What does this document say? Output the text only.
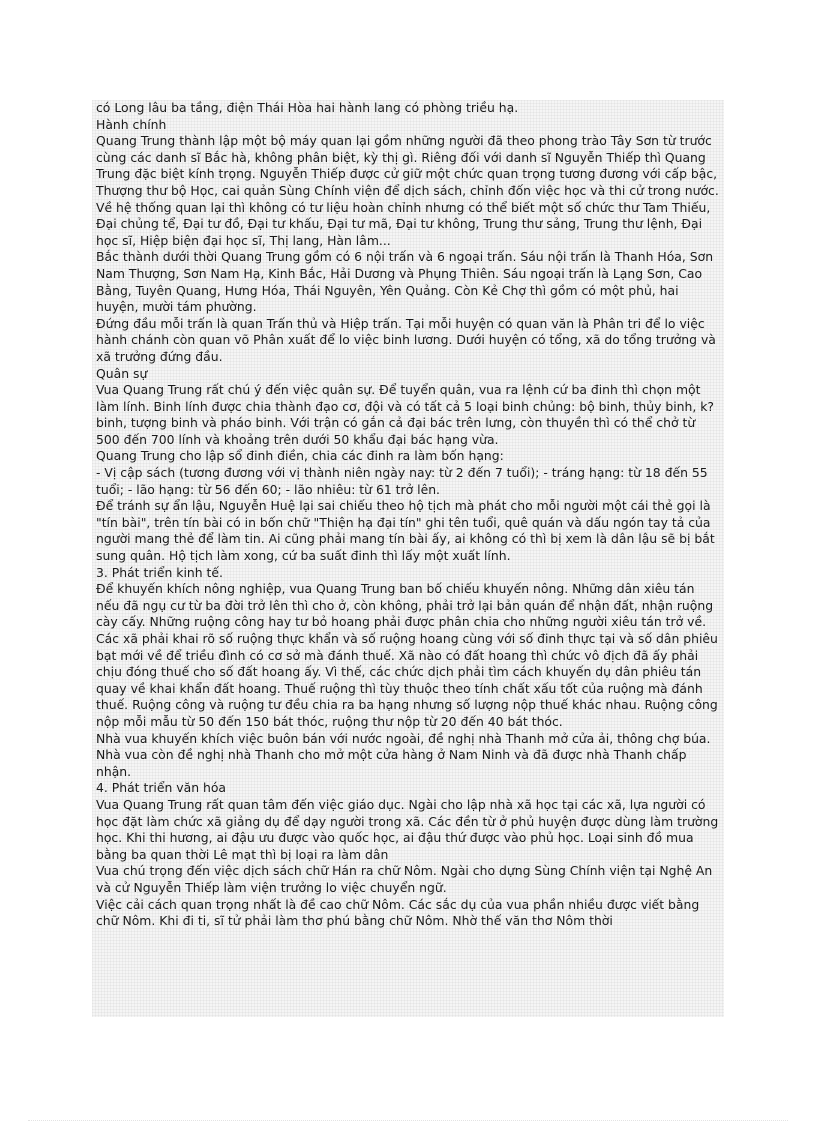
có Long lâu ba tầng, điện Thái Hòa hai hành lang có phòng triều hạ.

Hành chính

Quang Trung thành lập một bộ máy quan lại gồm những người đã theo phong trào Tây Sơn từ trước cùng các danh sĩ Bắc hà, không phân biệt, kỳ thị gì. Riêng đối với danh sĩ Nguyễn Thiếp thì Quang Trung đặc biệt kính trọng. Nguyễn Thiếp được cử giữ một chức quan trọng tương đương với cấp bậc, Thượng thư bộ Học, cai quản Sùng Chính viện để dịch sách, chỉnh đốn việc học và thi cử trong nước.

Về hệ thống quan lại thì không có tư liệu hoàn chỉnh nhưng có thể biết một số chức thư Tam Thiếu, Đại chủng tể, Đại tư đồ, Đại tư khấu, Đại tư mã, Đại tư không, Trung thư sảng, Trung thư lệnh, Đại học sĩ, Hiệp biện đại học sĩ, Thị lang, Hàn lâm...

Bắc thành dưới thời Quang Trung gồm có 6 nội trấn và 6 ngoại trấn. Sáu nội trấn là Thanh Hóa, Sơn Nam Thượng, Sơn Nam Hạ, Kinh Bắc, Hải Dương và Phụng Thiên. Sáu ngoại trấn là Lạng Sơn, Cao Bằng, Tuyên Quang, Hưng Hóa, Thái Nguyên, Yên Quảng. Còn Kẻ Chợ thì gồm có một phủ, hai huyện, mười tám phường.

Đứng đầu mỗi trấn là quan Trấn thủ và Hiệp trấn. Tại mỗi huyện có quan văn là Phân tri để lo việc hành chánh còn quan võ Phân xuất để lo việc binh lương. Dưới huyện có tổng, xã do tổng trưởng và xã trưởng đứng đầu.

Quân sự

Vua Quang Trung rất chú ý đến việc quân sự. Để tuyển quân, vua ra lệnh cứ ba đinh thì chọn một làm lính. Binh lính được chia thành đạo cơ, đội và có tất cả 5 loại binh chủng: bộ binh, thủy binh, k?binh, tượng binh và pháo binh. Với trận có gắn cả đại bác trên lưng, còn thuyền thì có thể chở từ 500 đến 700 lính và khoảng trên dưới 50 khẩu đại bác hạng vừa.

Quang Trung cho lập sổ đinh điền, chia các đinh ra làm bốn hạng:

- Vị cập sách (tương đương với vị thành niên ngày nay: từ 2 đến 7 tuổi); - tráng hạng: từ 18 đến 55 tuổi; - lão hạng: từ 56 đến 60; - lão nhiêu: từ 61 trở lên.

Để tránh sự ẩn lậu, Nguyễn Huệ lại sai chiếu theo hộ tịch mà phát cho mỗi người một cái thẻ gọi là "tín bài", trên tín bài có in bốn chữ "Thiện hạ đại tín" ghi tên tuổi, quê quán và dấu ngón tay tả của người mang thẻ để làm tin. Ai cũng phải mang tín bài ấy, ai không có thì bị xem là dân lậu sẽ bị bắt sung quân. Hộ tịch làm xong, cứ ba suất đinh thì lấy một xuất lính.

3. Phát triển kinh tế.

Để khuyến khích nông nghiệp, vua Quang Trung ban bố chiếu khuyến nông. Những dân xiêu tán nếu đã ngụ cư từ ba đời trở lên thì cho ở, còn không, phải trở lại bản quán để nhận đất, nhận ruộng cày cấy. Những ruộng công hay tư bỏ hoang phải được phân chia cho những người xiêu tán trở về. Các xã phải khai rõ số ruộng thực khẩn và số ruộng hoang cùng với số đinh thực tại và số dân phiêu bạt mới về để triều đình có cơ sở mà đánh thuế. Xã nào có đất hoang thì chức vô địch đã ấy phải chịu đóng thuế cho số đất hoang ấy. Vì thế, các chức dịch phải tìm cách khuyến dụ dân phiêu tán quay về khai khẩn đất hoang. Thuế ruộng thì tùy thuộc theo tính chất xấu tốt của ruộng mà đánh thuế. Ruộng công và ruộng tư đều chia ra ba hạng nhưng số lượng nộp thuế khác nhau. Ruộng công nộp mỗi mẫu từ 50 đến 150 bát thóc, ruộng thư nộp từ 20 đến 40 bát thóc.

Nhà vua khuyến khích việc buôn bán với nước ngoài, đề nghị nhà Thanh mở cửa ải, thông chợ búa. Nhà vua còn đề nghị nhà Thanh cho mở một cửa hàng ở Nam Ninh và đã được nhà Thanh chấp nhận.

4. Phát triển văn hóa

Vua Quang Trung rất quan tâm đến việc giáo dục. Ngài cho lập nhà xã học tại các xã, lựa người có học đặt làm chức xã giảng dụ để dạy người trong xã. Các đền từ ở phủ huyện được dùng làm trường học. Khi thi hương, ai đậu ưu được vào quốc học, ai đậu thứ được vào phủ học. Loại sinh đồ mua bằng ba quan thời Lê mạt thì bị loại ra làm dân

Vua chú trọng đến việc dịch sách chữ Hán ra chữ Nôm. Ngài cho dựng Sùng Chính viện tại Nghệ An và cử Nguyễn Thiếp làm viện trưởng lo việc chuyển ngữ.

Việc cải cách quan trọng nhất là đề cao chữ Nôm. Các sắc dụ của vua phần nhiều được viết bằng chữ Nôm. Khi đi ti, sĩ tử phải làm thơ phú bằng chữ Nôm. Nhờ thế văn thơ Nôm thời
